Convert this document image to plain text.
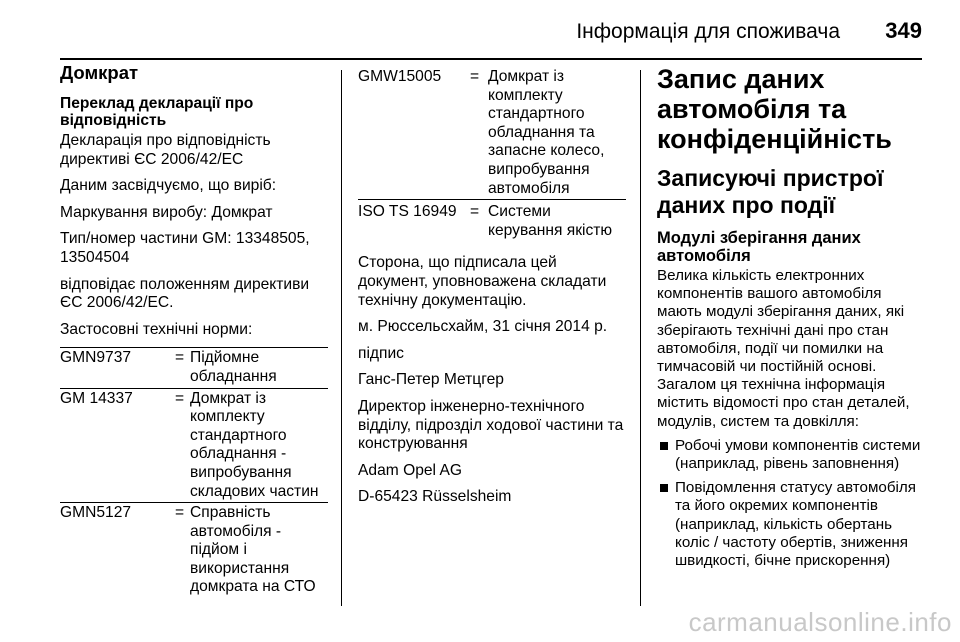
Інформація для споживача 349
Домкрат
Переклад декларації про відповідність

Декларація про відповідність директиві ЄС 2006/42/ЕС

Даним засвідчуємо, що виріб:

Маркування виробу: Домкрат

Тип/номер частини GM: 13348505, 13504504

відповідає положенням директиви ЄС 2006/42/ЕС.

Застосовні технічні норми:

GMN9737	= Підйомне обладнання
GM 14337	= Домкрат із комплекту стандартного обладнання - випробування складових частин
GMN5127	= Справність автомобіля - підйом і використання домкрата на СТО
GMW15005	= Домкрат із комплекту стандартного обладнання та запасне колесо, випробування автомобіля
ISO TS 16949 = Системи керування якістю

Сторона, що підписала цей документ, уповноважена складати технічну документацію.

м. Рюссельсхайм, 31 січня 2014 р.

підпис

Ганс-Петер Метцгер

Директор інженерно-технічного відділу, підрозділ ходової частини та конструювання

Adam Opel AG

D-65423 Rüsselsheim

Запис даних автомобіля та конфіденційність
Записуючі пристрої даних про події
Модулі зберігання даних автомобіля

Велика кількість електронних компонентів вашого автомобіля мають модулі зберігання даних, які зберігають технічні дані про стан автомобіля, події чи помилки на тимчасовій чи постійній основі. Загалом ця технічна інформація містить відомості про стан деталей, модулів, систем та довкілля:

Робочі умови компонентів системи (наприклад, рівень заповнення)
Повідомлення статусу автомобіля та його окремих компонентів (наприклад, кількість обертань коліс / частоту обертів, зниження швидкості, бічне прискорення)
carmanualsonline.info
